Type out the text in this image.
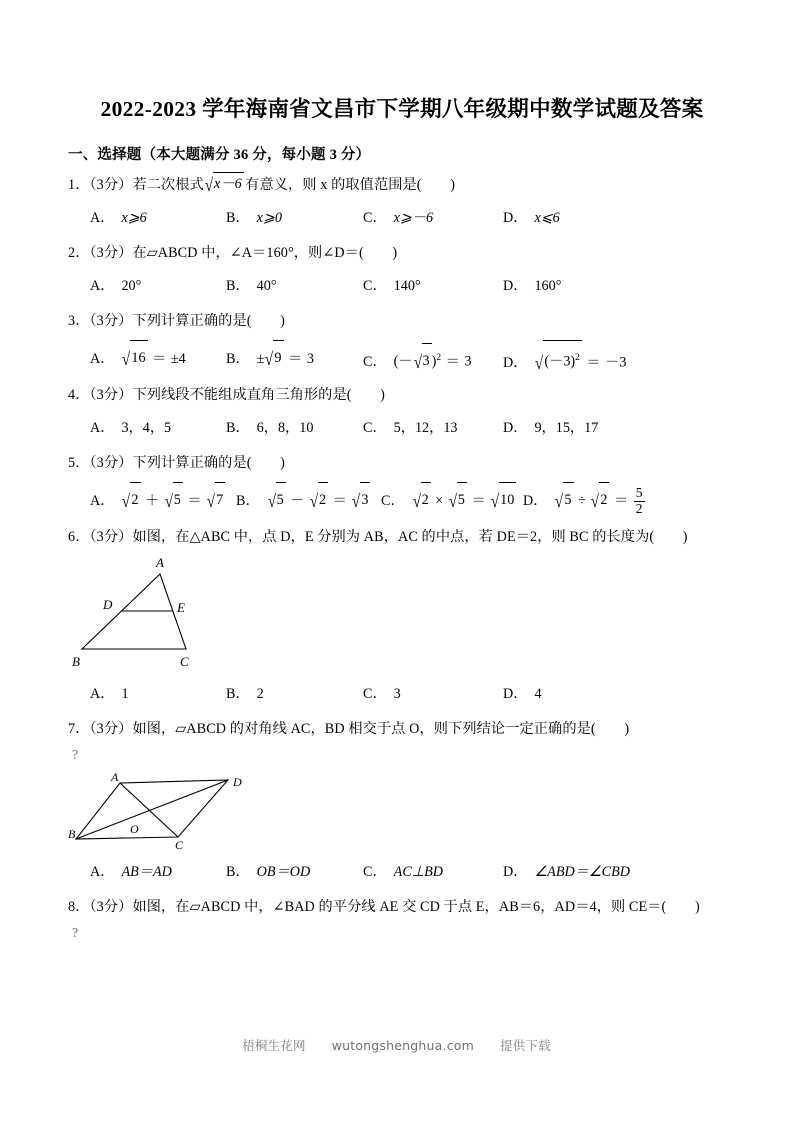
2022-2023 学年海南省文昌市下学期八年级期中数学试题及答案
一、选择题（本大题满分 36 分，每小题 3 分）
1．（3分）若二次根式√x－6  有意义，则 x 的取值范围是(　　)
A． x⩾6	B． x⩾0	C． x⩾－6	D． x⩽6
2．（3分）在▱ABCD 中，∠A＝160°，则∠D＝(　　)
A． 20°	B． 40°	C． 140°	D． 160°
3．（3分）下列计算正确的是(　　)
A． √16 ＝ ±4	B． ±√9 ＝ 3	C． (－√3 )$^2$ ＝ 3 D． $√(-3)^2 = -3$
4．（3分）下列线段不能组成直角三角形的是(　　)
A． 3，4，5	B． 6，8，10	C． 5，12，13	D． 9，15，17
5．（3分）下列计算正确的是(　　)
A． √2 ＋ √5 ＝ √7 B． √5 － √2 ＝ √3 C． √2 × √5 ＝ √10 D． $√5 \div √2 = \frac{5}{2}$
6．（3分）如图，在△ABC 中，点 D，E 分别为 AB，AC 的中点，若 DE＝2，则 BC 的长度为(　　)
A
B	C
D	E
A． 1	B． 2	C． 3	D． 4
7．（3分）如图，▱ABCD 的对角线 AC，BD 相交于点 O，则下列结论一定正确的是(　　)
?
A
B
C
D
O
A． AB＝AD	B． OB＝OD	C． AC⊥BD	D． ∠ABD＝∠CBD
8．（3分）如图，在▱ABCD 中，∠BAD 的平分线 AE 交 CD 于点 E，AB＝6，AD＝4，则 CE＝(　　)
?
梧桐生花网 wutongshenghua.com 提供下载
